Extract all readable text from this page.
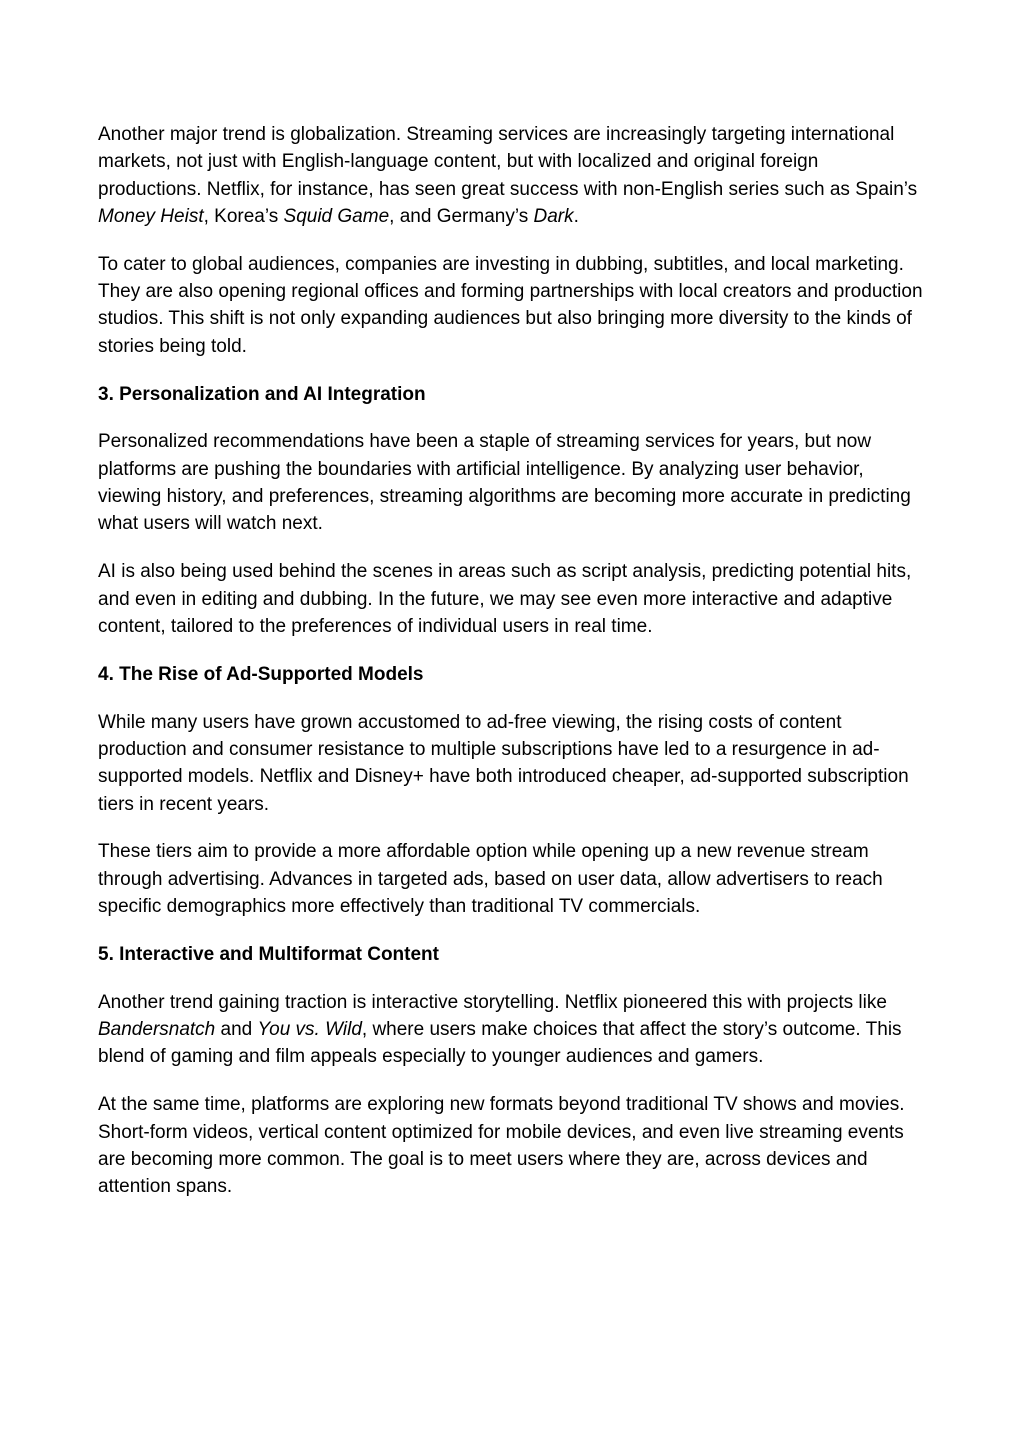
Another major trend is globalization. Streaming services are increasingly targeting international markets, not just with English-language content, but with localized and original foreign productions. Netflix, for instance, has seen great success with non-English series such as Spain’s Money Heist, Korea’s Squid Game, and Germany’s Dark.

To cater to global audiences, companies are investing in dubbing, subtitles, and local marketing. They are also opening regional offices and forming partnerships with local creators and production studios. This shift is not only expanding audiences but also bringing more diversity to the kinds of stories being told.

3. Personalization and AI Integration

Personalized recommendations have been a staple of streaming services for years, but now platforms are pushing the boundaries with artificial intelligence. By analyzing user behavior, viewing history, and preferences, streaming algorithms are becoming more accurate in predicting what users will watch next.

AI is also being used behind the scenes in areas such as script analysis, predicting potential hits, and even in editing and dubbing. In the future, we may see even more interactive and adaptive content, tailored to the preferences of individual users in real time.

4. The Rise of Ad-Supported Models

While many users have grown accustomed to ad-free viewing, the rising costs of content production and consumer resistance to multiple subscriptions have led to a resurgence in ad-supported models. Netflix and Disney+ have both introduced cheaper, ad-supported subscription tiers in recent years.

These tiers aim to provide a more affordable option while opening up a new revenue stream through advertising. Advances in targeted ads, based on user data, allow advertisers to reach specific demographics more effectively than traditional TV commercials.

5. Interactive and Multiformat Content

Another trend gaining traction is interactive storytelling. Netflix pioneered this with projects like Bandersnatch and You vs. Wild, where users make choices that affect the story’s outcome. This blend of gaming and film appeals especially to younger audiences and gamers.

At the same time, platforms are exploring new formats beyond traditional TV shows and movies. Short-form videos, vertical content optimized for mobile devices, and even live streaming events are becoming more common. The goal is to meet users where they are, across devices and attention spans.
